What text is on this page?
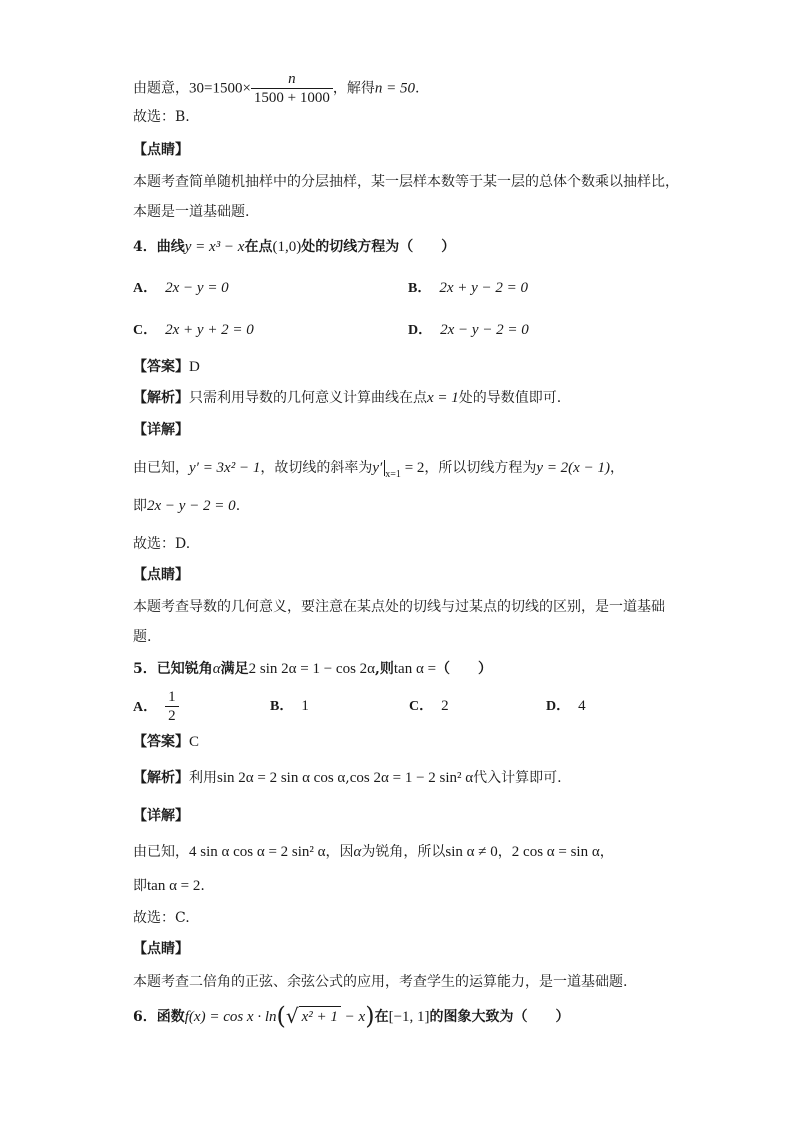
由题意，$30=1500\times \frac{n}{1500 + 1000}$ ，解得n = 50.
故选：B.
【点睛】
本题考查简单随机抽样中的分层抽样，某一层样本数等于某一层的总体个数乘以抽样比，
本题是一道基础题.
4．曲线y = x³ − x在点(1,0)处的切线方程为（　　）
A． 2x − y = 0	B． 2x + y − 2 = 0
C． 2x + y + 2 = 0	D． 2x − y − 2 = 0
【答案】D
【解析】只需利用导数的几何意义计算曲线在点x = 1处的导数值即可.
【详解】
由已知，y′ = 3x² − 1，故切线的斜率为y′ $_{x=1}$ = 2，所以切线方程为y = 2(x − 1)，
即2x − y − 2 = 0.
故选：D.
【点睛】
本题考查导数的几何意义，要注意在某点处的切线与过某点的切线的区别，是一道基础
题.
5．已知锐角α满足2 sin 2α = 1 − cos 2α,则tan α =（　　）
A． $\frac{1}{2}$	B． 1	C． 2	D． 4
【答案】C
【解析】利用sin 2α = 2 sin α cos α,cos 2α = 1 − 2 sin² α代入计算即可.
【详解】
由已知，4 sin α cos α = 2 sin² α，因α为锐角，所以sin α ≠ 0，2 cos α = sin α，
即tan α = 2.
故选：C.
【点睛】
本题考查二倍角的正弦、余弦公式的应用，考查学生的运算能力，是一道基础题.
6．函数f(x) = cos x · ln(√ x² + 1 − x)在[−1, 1]的图象大致为（　　）
